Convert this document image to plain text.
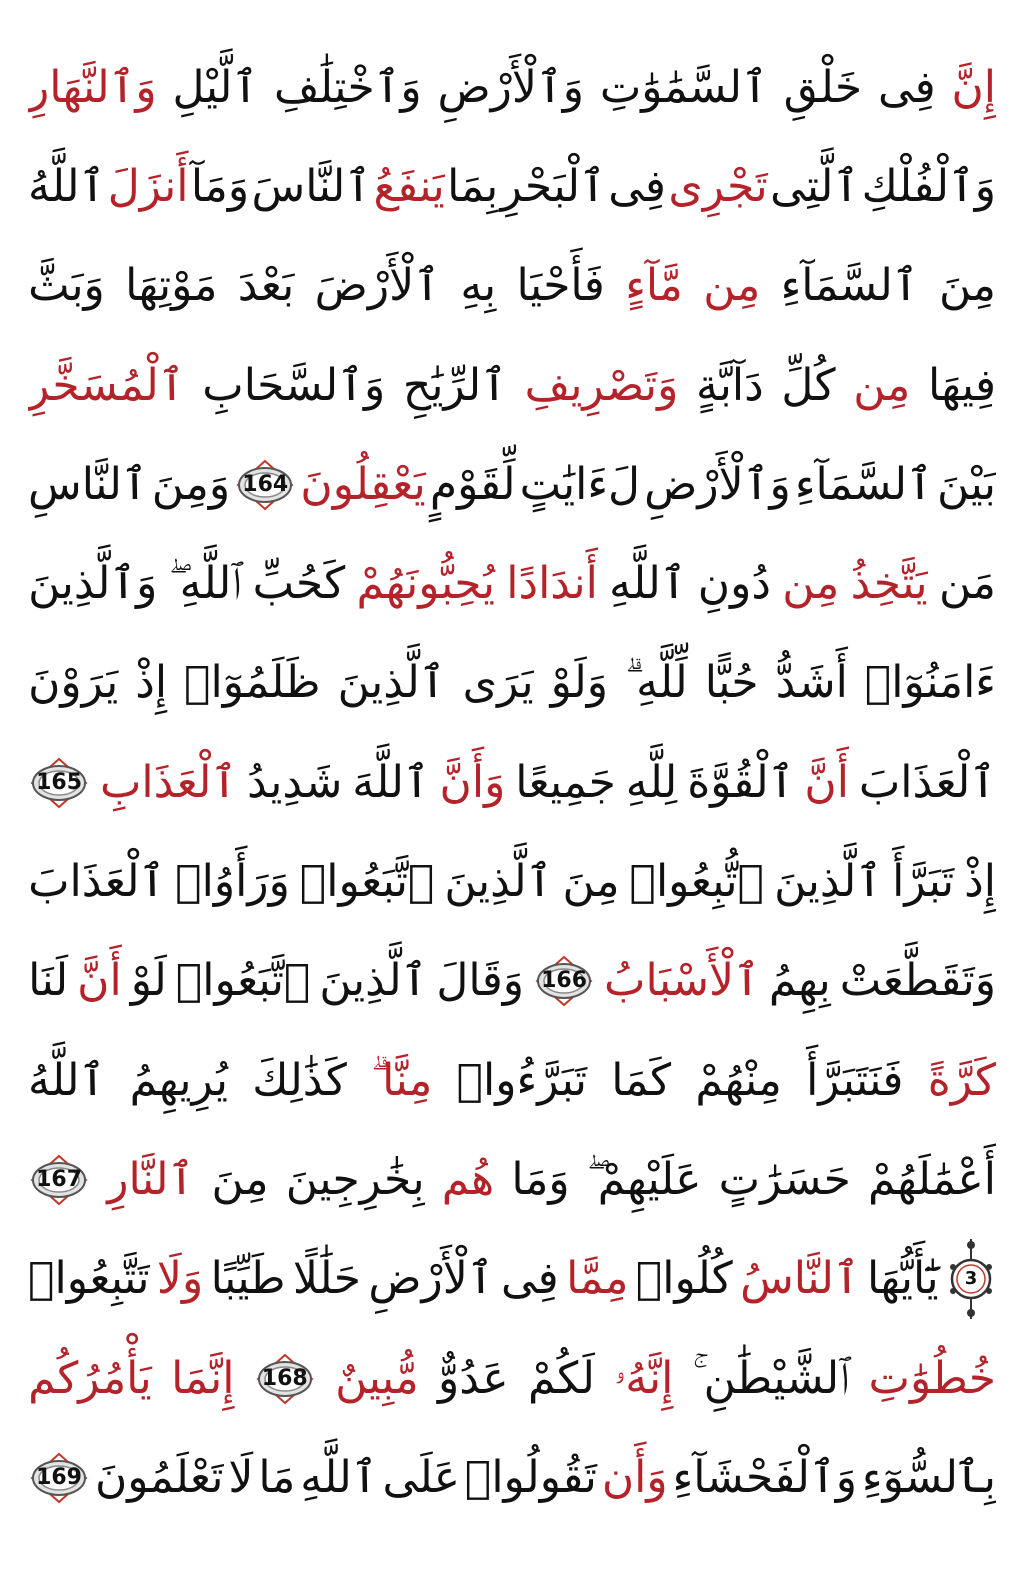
إِنَّ
فِى
خَلْقِ
ٱلسَّمَٰوَٰتِ
وَٱلْأَرْضِ
وَٱخْتِلَٰفِ
ٱلَّيْلِ
وَٱلنَّهَارِ
وَٱلْفُلْكِ
ٱلَّتِى
تَجْرِى
فِى
ٱلْبَحْرِ
بِمَا
يَنفَعُ
ٱلنَّاسَ
وَمَآ
أَنزَلَ
ٱللَّهُ
مِنَ
ٱلسَّمَآءِ
مِن
مَّآءٍ
فَأَحْيَا
بِهِ
ٱلْأَرْضَ
بَعْدَ
مَوْتِهَا
وَبَثَّ
فِيهَا
مِن
كُلِّ
دَآبَّةٍ
وَتَصْرِيفِ
ٱلرِّيَٰحِ
وَٱلسَّحَابِ
ٱلْمُسَخَّرِ
بَيْنَ
ٱلسَّمَآءِ
وَٱلْأَرْضِ
لَءَايَٰتٍ
لِّقَوْمٍ
يَعْقِلُونَ
164
وَمِنَ
ٱلنَّاسِ
مَن
يَتَّخِذُ
مِن
دُونِ
ٱللَّهِ
أَندَادًا
يُحِبُّونَهُمْ
كَحُبِّ
ٱللَّهِ ۖ
وَٱلَّذِينَ
ءَامَنُوٓا۟
أَشَدُّ
حُبًّا
لِّلَّهِ ۗ
وَلَوْ
يَرَى
ٱلَّذِينَ
ظَلَمُوٓا۟
إِذْ
يَرَوْنَ
ٱلْعَذَابَ
أَنَّ
ٱلْقُوَّةَ
لِلَّهِ
جَمِيعًا
وَأَنَّ
ٱللَّهَ
شَدِيدُ
ٱلْعَذَابِ
165
إِذْ
تَبَرَّأَ
ٱلَّذِينَ
ٱتُّبِعُوا۟
مِنَ
ٱلَّذِينَ
ٱتَّبَعُوا۟
وَرَأَوُا۟
ٱلْعَذَابَ
وَتَقَطَّعَتْ
بِهِمُ
ٱلْأَسْبَابُ
166
وَقَالَ
ٱلَّذِينَ
ٱتَّبَعُوا۟
لَوْ
أَنَّ
لَنَا
كَرَّةً
فَنَتَبَرَّأَ
مِنْهُمْ
كَمَا
تَبَرَّءُوا۟
مِنَّا ۗ
كَذَٰلِكَ
يُرِيهِمُ
ٱللَّهُ
أَعْمَٰلَهُمْ
حَسَرَٰتٍ
عَلَيْهِمْ ۖ
وَمَا
هُم
بِخَٰرِجِينَ
مِنَ
ٱلنَّارِ
167
3
يَٰٓأَيُّهَا
ٱلنَّاسُ
كُلُوا۟
مِمَّا
فِى
ٱلْأَرْضِ
حَلَٰلًا
طَيِّبًا
وَلَا
تَتَّبِعُوا۟
خُطُوَٰتِ
ٱلشَّيْطَٰنِ ۚ
إِنَّهُۥ
لَكُمْ
عَدُوٌّ
مُّبِينٌ
168
إِنَّمَا
يَأْمُرُكُم
بِٱلسُّوٓءِ
وَٱلْفَحْشَآءِ
وَأَن
تَقُولُوا۟
عَلَى
ٱللَّهِ
مَا
لَا
تَعْلَمُونَ
169
